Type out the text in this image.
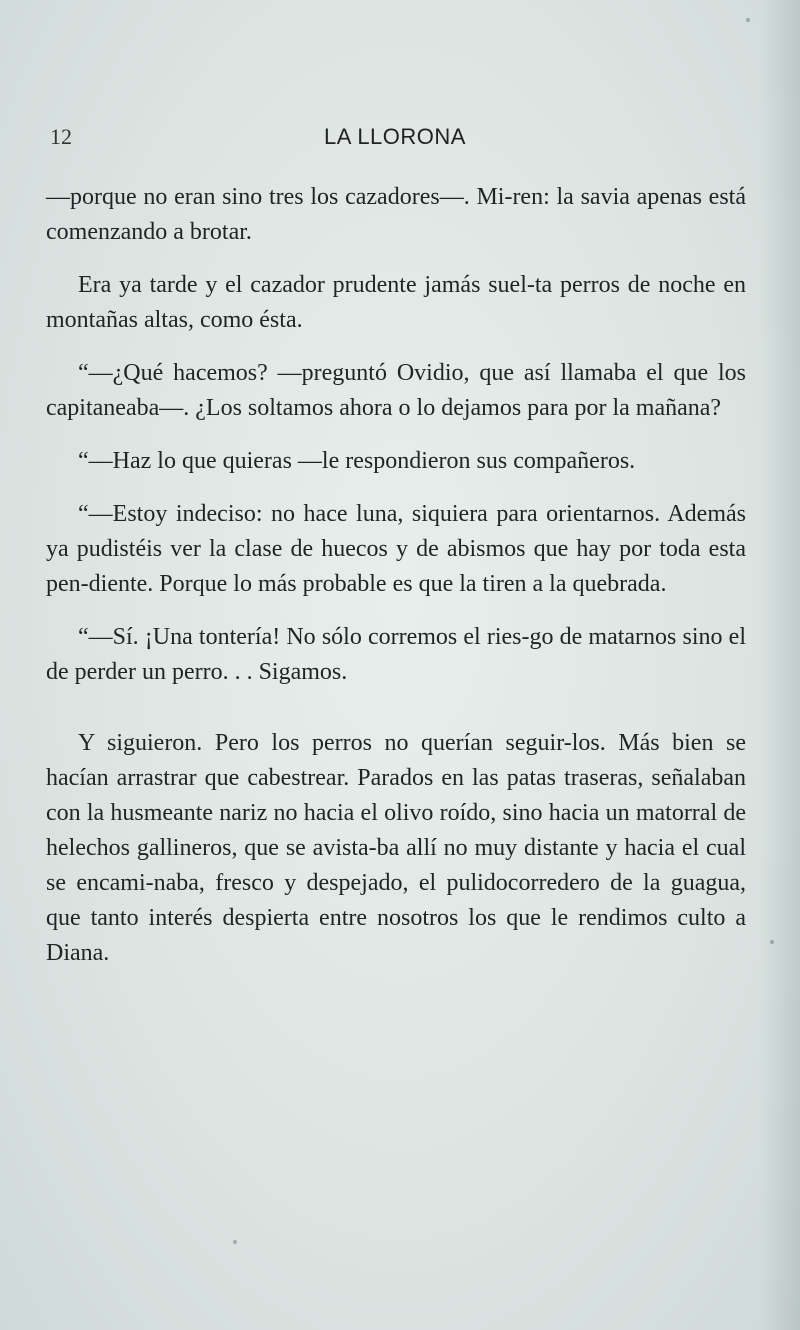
12	LA LLORONA

—porque no eran sino tres los cazadores—. Mi-ren: la savia apenas está comenzando a brotar.

Era ya tarde y el cazador prudente jamás suel-ta perros de noche en montañas altas, como ésta.

“—¿Qué hacemos? —preguntó Ovidio, que así llamaba el que los capitaneaba—. ¿Los soltamos ahora o lo dejamos para por la mañana?

“—Haz lo que quieras —le respondieron sus compañeros.

“—Estoy indeciso: no hace luna, siquiera para orientarnos. Además ya pudistéis ver la clase de huecos y de abismos que hay por toda esta pen-diente. Porque lo más probable es que la tiren a la quebrada.

“—Sí. ¡Una tontería! No sólo corremos el ries-go de matarnos sino el de perder un perro. . . Sigamos.

Y siguieron. Pero los perros no querían seguir-los. Más bien se hacían arrastrar que cabestrear. Parados en las patas traseras, señalaban con la husmeante nariz no hacia el olivo roído, sino hacia un matorral de helechos gallineros, que se avista-ba allí no muy distante y hacia el cual se encami-naba, fresco y despejado, el pulidocorredero de la guagua, que tanto interés despierta entre nosotros los que le rendimos culto a Diana.
